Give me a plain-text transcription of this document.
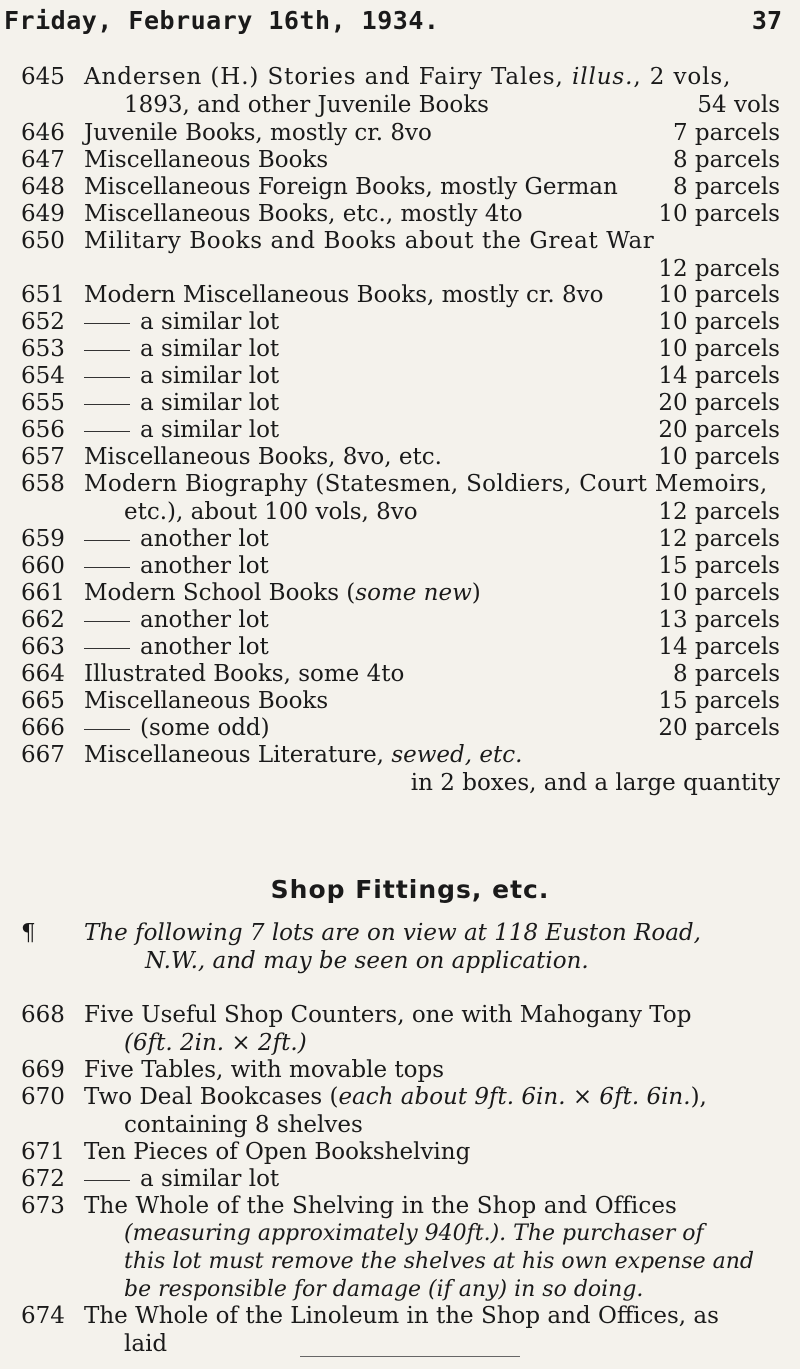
Friday, February 16th, 1934.	37
645 Andersen (H.) Stories and Fairy Tales, illus., 2 vols,
1893, and other Juvenile Books	54 vols
646 Juvenile Books, mostly cr. 8vo	7 parcels
647 Miscellaneous Books	8 parcels
648 Miscellaneous Foreign Books, mostly German 8 parcels
649 Miscellaneous Books, etc., mostly 4to	10 parcels
650 Military Books and Books about the Great War
12 parcels
651 Modern Miscellaneous Books, mostly cr. 8vo 10 parcels
652	a similar lot	10 parcels
653	a similar lot	10 parcels
654	a similar lot	14 parcels
655	a similar lot	20 parcels
656	a similar lot	20 parcels
657 Miscellaneous Books, 8vo, etc.	10 parcels
658 Modern Biography (Statesmen, Soldiers, Court Memoirs,
etc.), about 100 vols, 8vo	12 parcels
659	another lot	12 parcels
660	another lot	15 parcels
661 Modern School Books (some new)	10 parcels
662	another lot	13 parcels
663	another lot	14 parcels
664 Illustrated Books, some 4to	8 parcels
665 Miscellaneous Books	15 parcels
666	(some odd)	20 parcels
667 Miscellaneous Literature, sewed, etc.
in 2 boxes, and a large quantity
Shop Fittings, etc.
¶ The following 7 lots are on view at 118 Euston Road,
N.W., and may be seen on application.
668 Five Useful Shop Counters, one with Mahogany Top
(6ft. 2in. × 2ft.)
669 Five Tables, with movable tops
670 Two Deal Bookcases (each about 9ft. 6in. × 6ft. 6in.),
containing 8 shelves
671 Ten Pieces of Open Bookshelving
672	a similar lot
673 The Whole of the Shelving in the Shop and Offices
(measuring approximately 940ft.). The purchaser of
this lot must remove the shelves at his own expense and
be responsible for damage (if any) in so doing.
674 The Whole of the Linoleum in the Shop and Offices, as
laid
